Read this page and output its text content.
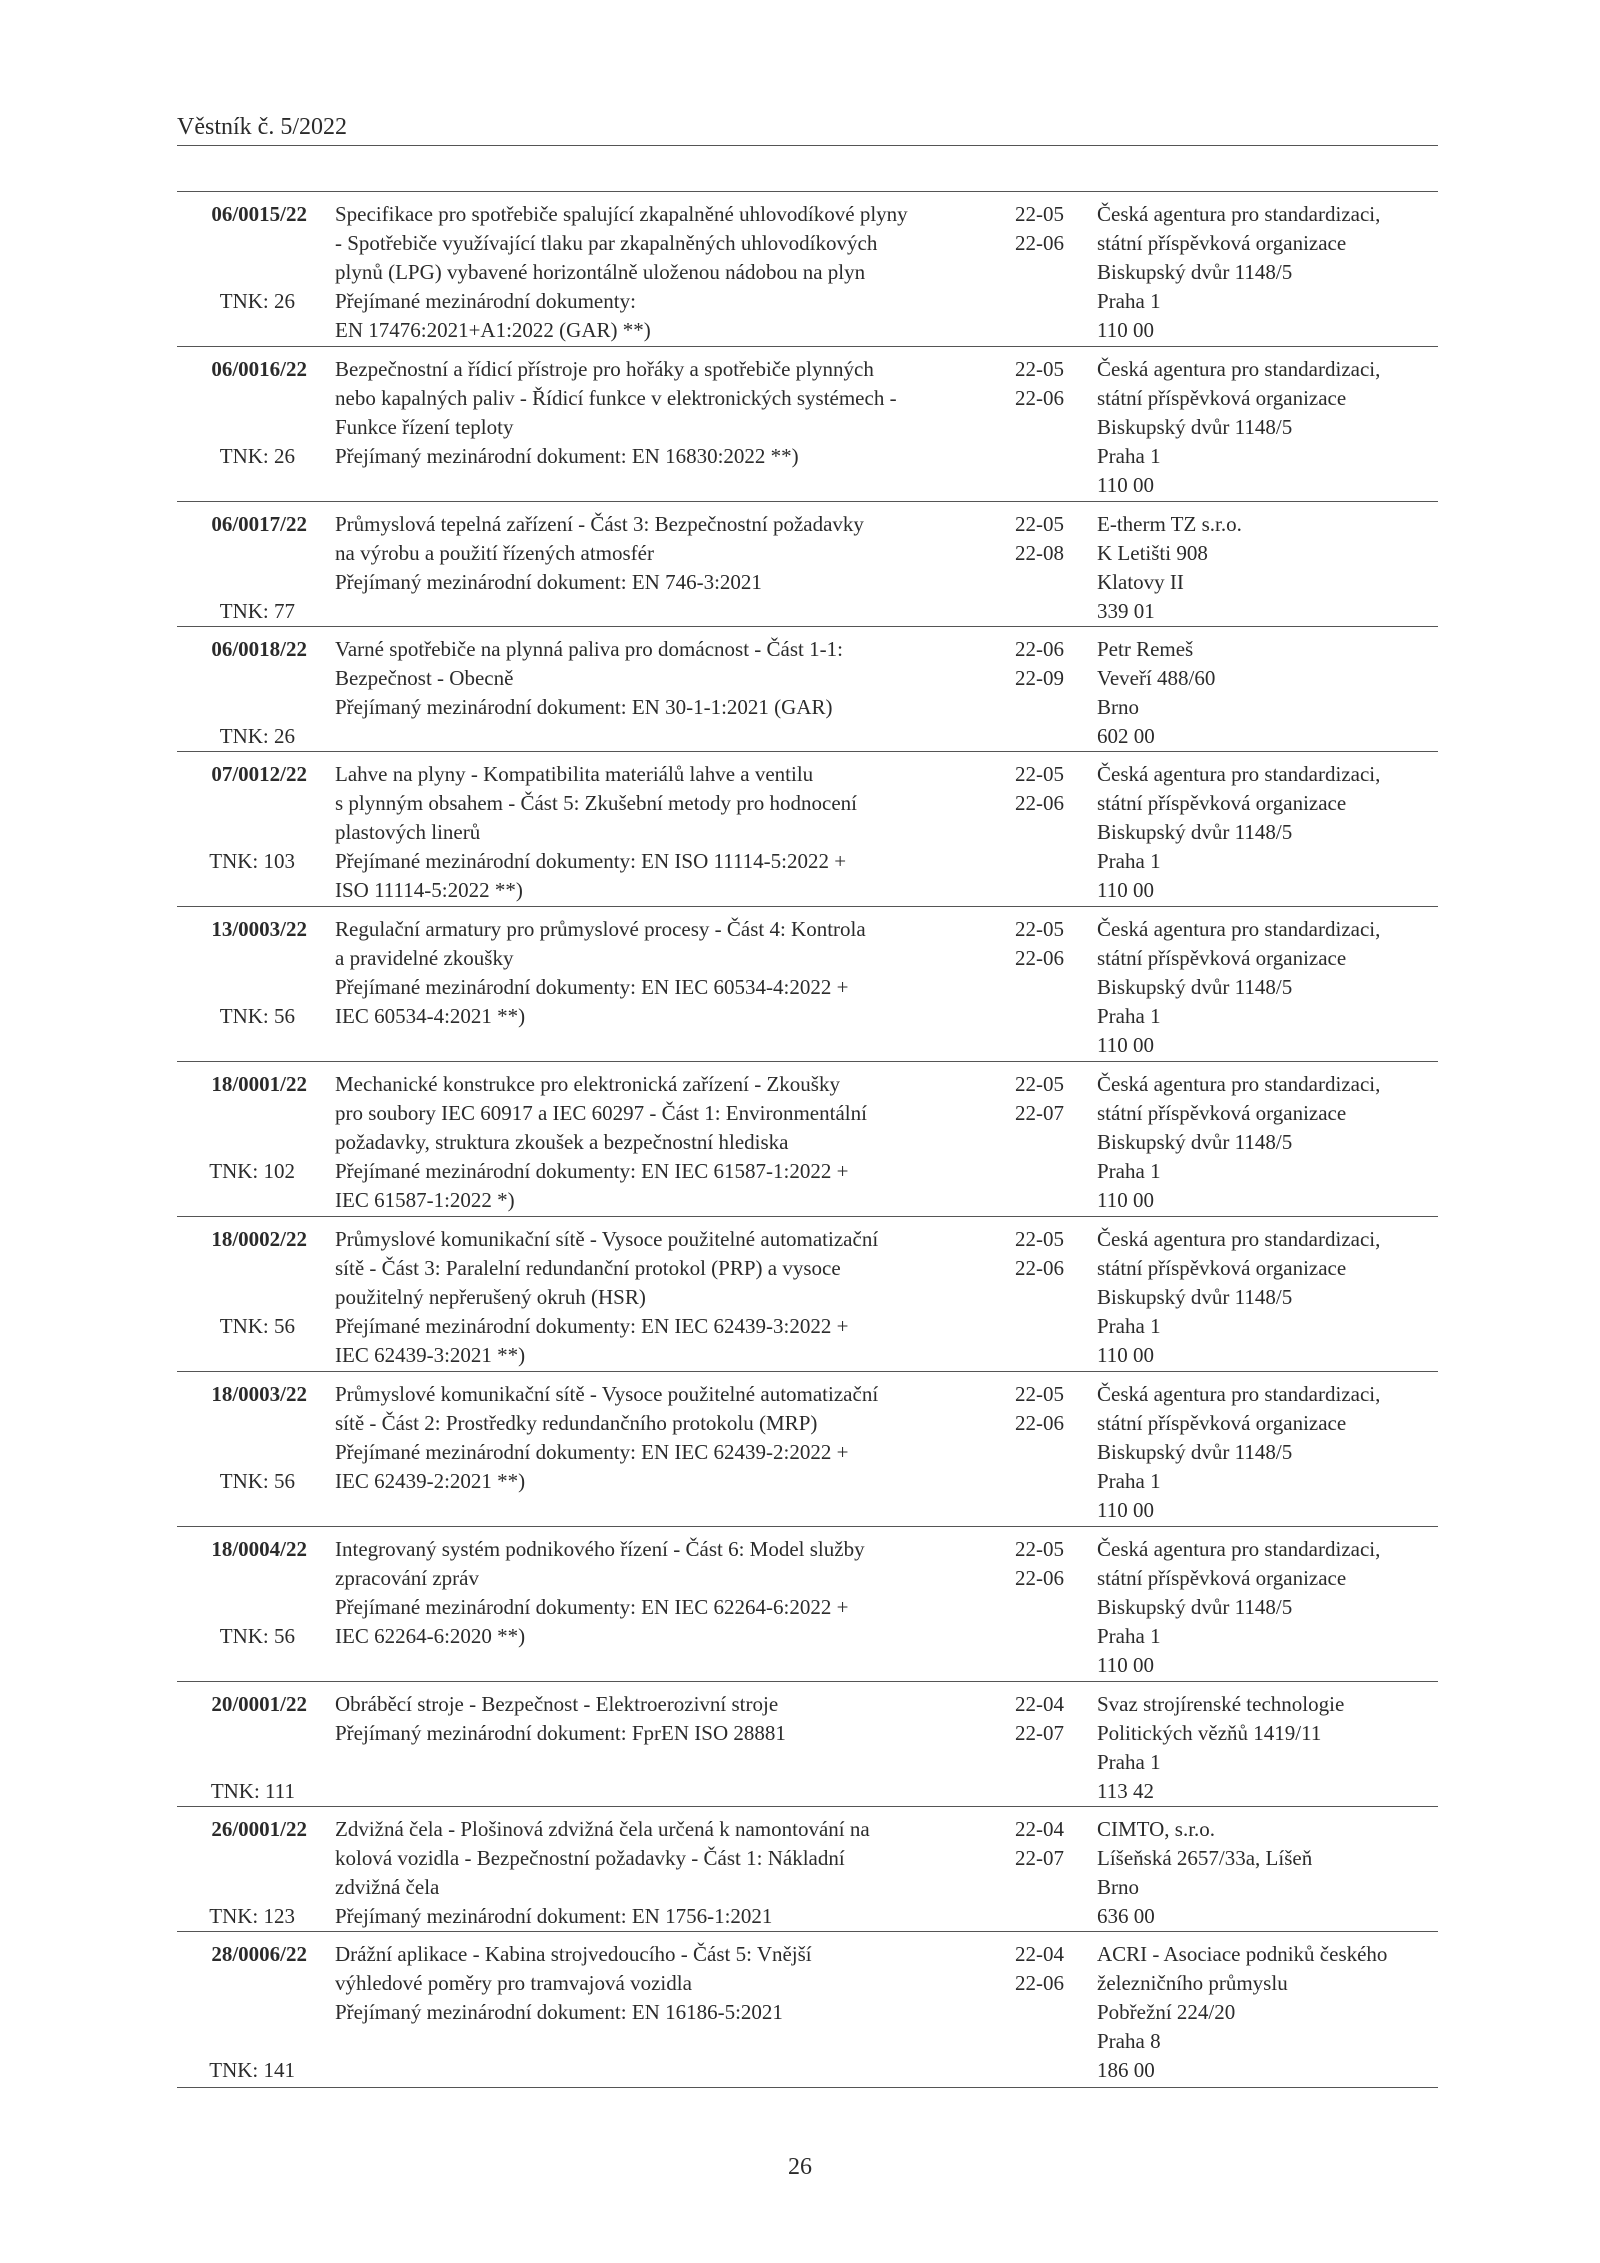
Věstník č. 5/2022
06/0015/22 Specifikace pro spotřebiče spalující zkapalněné uhlovodíkové plyny
- Spotřebiče využívající tlaku par zkapalněných uhlovodíkových
plynů (LPG) vybavené horizontálně uloženou nádobou na plyn
Přejímané mezinárodní dokumenty:
EN 17476:2021+A1:2022 (GAR) **)
22-05
22-06
Česká agentura pro standardizaci,
státní příspěvková organizace
Biskupský dvůr 1148/5
Praha 1
110 00
TNK: 26
06/0016/22 Bezpečnostní a řídicí přístroje pro hořáky a spotřebiče plynných
nebo kapalných paliv - Řídicí funkce v elektronických systémech -
Funkce řízení teploty
Přejímaný mezinárodní dokument: EN 16830:2022 **)
22-05
22-06
Česká agentura pro standardizaci,
státní příspěvková organizace
Biskupský dvůr 1148/5
Praha 1
110 00
TNK: 26
06/0017/22 Průmyslová tepelná zařízení - Část 3: Bezpečnostní požadavky
na výrobu a použití řízených atmosfér
Přejímaný mezinárodní dokument: EN 746-3:2021
22-05
22-08
E-therm TZ s.r.o.
K Letišti 908
Klatovy II
339 01
TNK: 77
06/0018/22 Varné spotřebiče na plynná paliva pro domácnost - Část 1-1:
Bezpečnost - Obecně
Přejímaný mezinárodní dokument: EN 30-1-1:2021 (GAR)
22-06
22-09
Petr Remeš
Veveří 488/60
Brno
602 00
TNK: 26
07/0012/22 Lahve na plyny - Kompatibilita materiálů lahve a ventilu
s plynným obsahem - Část 5: Zkušební metody pro hodnocení
plastových linerů
Přejímané mezinárodní dokumenty: EN ISO 11114-5:2022 +
ISO 11114-5:2022 **)
22-05
22-06
Česká agentura pro standardizaci,
státní příspěvková organizace
Biskupský dvůr 1148/5
Praha 1
110 00
TNK: 103
13/0003/22 Regulační armatury pro průmyslové procesy - Část 4: Kontrola
a pravidelné zkoušky
Přejímané mezinárodní dokumenty: EN IEC 60534-4:2022 +
IEC 60534-4:2021 **)
22-05
22-06
Česká agentura pro standardizaci,
státní příspěvková organizace
Biskupský dvůr 1148/5
Praha 1
110 00
TNK: 56
18/0001/22 Mechanické konstrukce pro elektronická zařízení - Zkoušky
pro soubory IEC 60917 a IEC 60297 - Část 1: Environmentální
požadavky, struktura zkoušek a bezpečnostní hlediska
Přejímané mezinárodní dokumenty: EN IEC 61587-1:2022 +
IEC 61587-1:2022 *)
22-05
22-07
Česká agentura pro standardizaci,
státní příspěvková organizace
Biskupský dvůr 1148/5
Praha 1
110 00
TNK: 102
18/0002/22 Průmyslové komunikační sítě - Vysoce použitelné automatizační
sítě - Část 3: Paralelní redundanční protokol (PRP) a vysoce
použitelný nepřerušený okruh (HSR)
Přejímané mezinárodní dokumenty: EN IEC 62439-3:2022 +
IEC 62439-3:2021 **)
22-05
22-06
Česká agentura pro standardizaci,
státní příspěvková organizace
Biskupský dvůr 1148/5
Praha 1
110 00
TNK: 56
18/0003/22 Průmyslové komunikační sítě - Vysoce použitelné automatizační
sítě - Část 2: Prostředky redundančního protokolu (MRP)
Přejímané mezinárodní dokumenty: EN IEC 62439-2:2022 +
IEC 62439-2:2021 **)
22-05
22-06
Česká agentura pro standardizaci,
státní příspěvková organizace
Biskupský dvůr 1148/5
Praha 1
110 00
TNK: 56
18/0004/22 Integrovaný systém podnikového řízení - Část 6: Model služby
zpracování zpráv
Přejímané mezinárodní dokumenty: EN IEC 62264-6:2022 +
IEC 62264-6:2020 **)
22-05
22-06
Česká agentura pro standardizaci,
státní příspěvková organizace
Biskupský dvůr 1148/5
Praha 1
110 00
TNK: 56
20/0001/22 Obráběcí stroje - Bezpečnost - Elektroerozivní stroje
Přejímaný mezinárodní dokument: FprEN ISO 28881
22-04
22-07
Svaz strojírenské technologie
Politických vězňů 1419/11
Praha 1
113 42
TNK: 111
26/0001/22 Zdvižná čela - Plošinová zdvižná čela určená k namontování na
kolová vozidla - Bezpečnostní požadavky - Část 1: Nákladní
zdvižná čela
Přejímaný mezinárodní dokument: EN 1756-1:2021
22-04
22-07
CIMTO, s.r.o.
Líšeňská 2657/33a, Líšeň
Brno
636 00
TNK: 123
28/0006/22 Drážní aplikace - Kabina strojvedoucího - Část 5: Vnější
výhledové poměry pro tramvajová vozidla
Přejímaný mezinárodní dokument: EN 16186-5:2021
22-04
22-06
ACRI - Asociace podniků českého
železničního průmyslu
Pobřežní 224/20
Praha 8
186 00
TNK: 141
26
